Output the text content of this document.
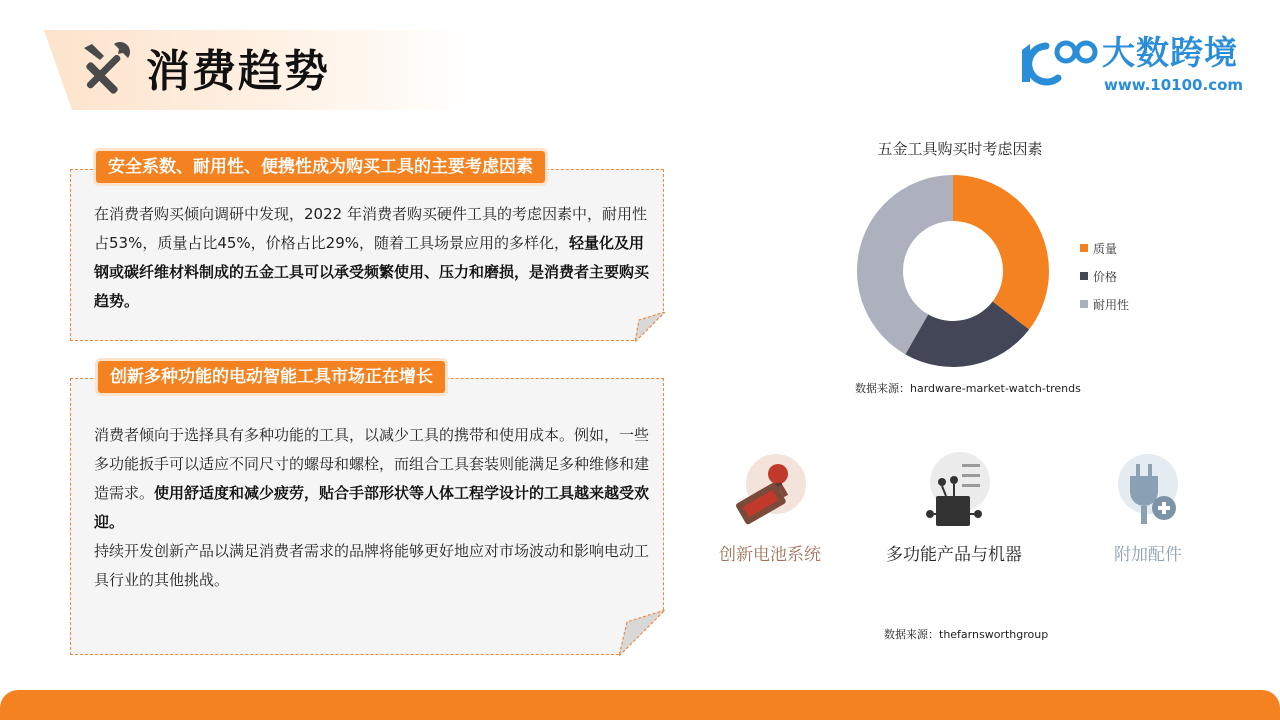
消费趋势	大数跨境
www.10100.com
安全系数、耐用性、便携性成为购买工具的主要考虑因素
在消费者购买倾向调研中发现，2022 年消费者购买硬件工具的考虑因素中，耐用性占53%，质量占比45%，价格占比29%，随着工具场景应用的多样化，轻量化及用钢或碳纤维材料制成的五金工具可以承受频繁使用、压力和磨损，是消费者主要购买趋势。
创新多种功能的电动智能工具市场正在增长
消费者倾向于选择具有多种功能的工具，以减少工具的携带和使用成本。例如，一些多功能扳手可以适应不同尺寸的螺母和螺栓，而组合工具套装则能满足多种维修和建造需求。使用舒适度和减少疲劳，贴合手部形状等人体工程学设计的工具越来越受欢迎。
持续开发创新产品以满足消费者需求的品牌将能够更好地应对市场波动和影响电动工具行业的其他挑战。
五金工具购买时考虑因素
质量
价格
耐用性
数据来源：hardware-market-watch-trends
创新电池系统	多功能产品与机器	附加配件
数据来源：thefarnsworthgroup
